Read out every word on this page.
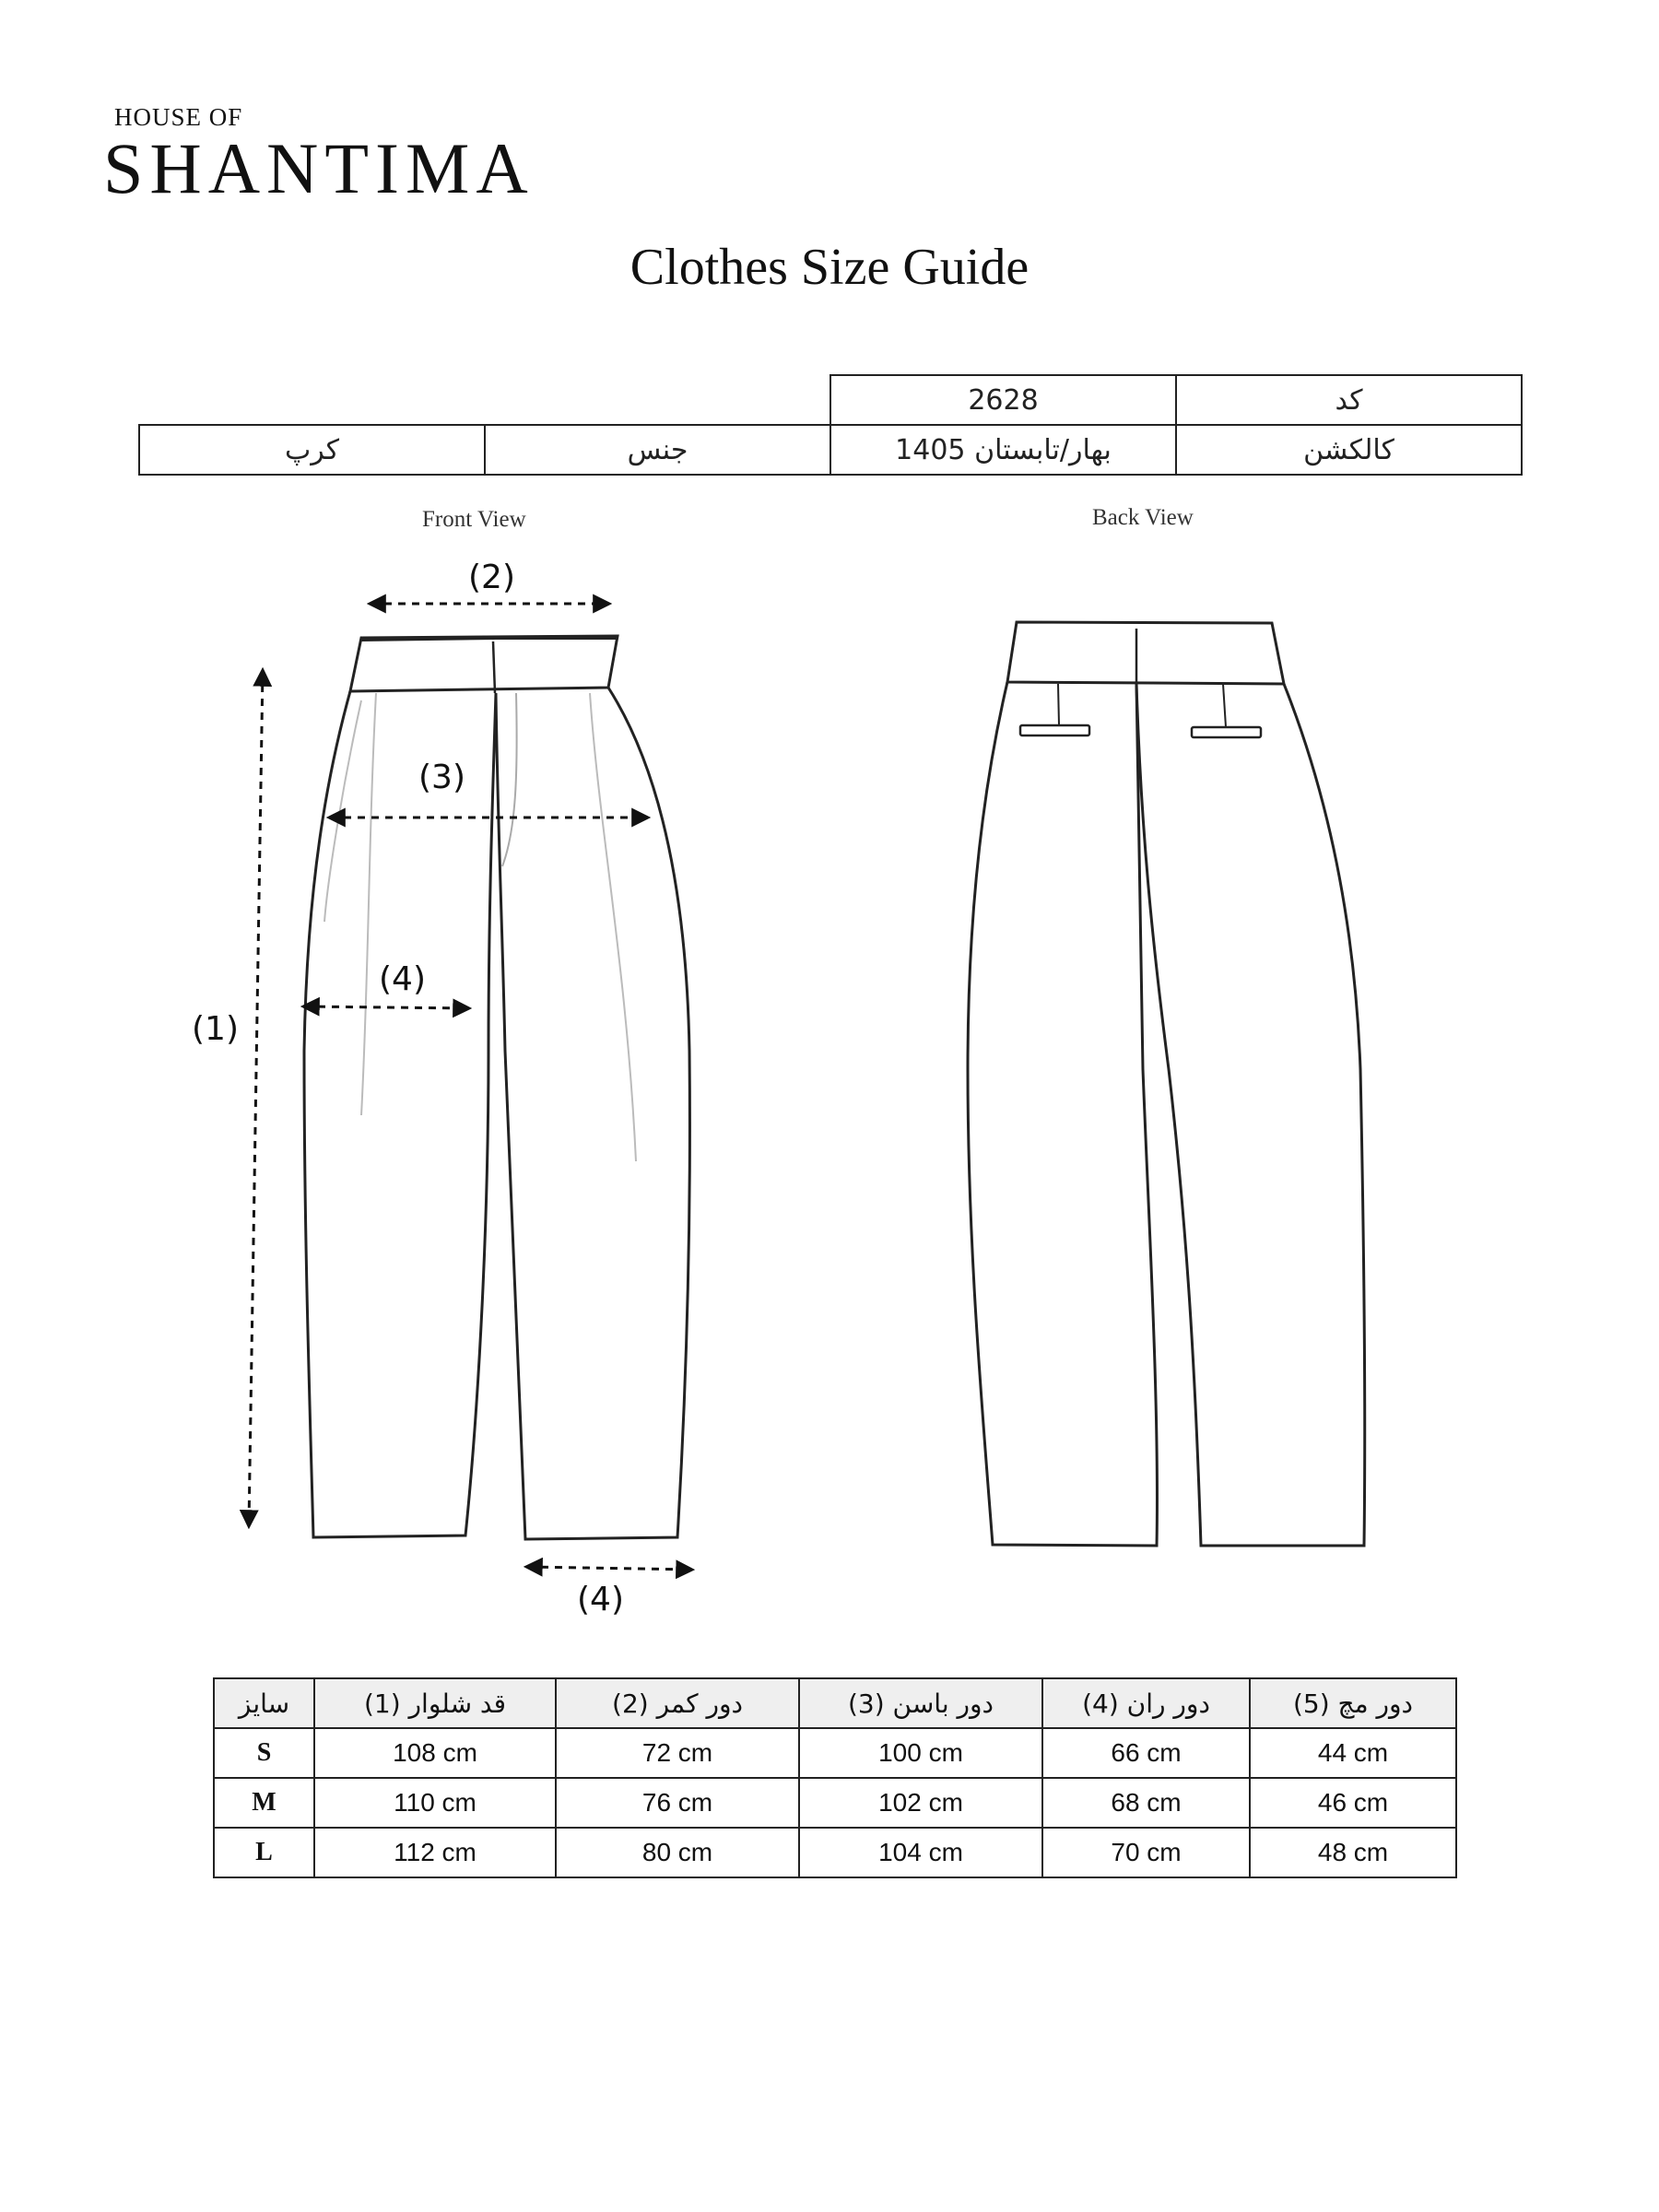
HOUSE OF
SHANTIMA
Clothes Size Guide
		2628	کد
کرپ	جنس	بهار/تابستان 1405	کالکشن
Front View	Back View
(1)
(2)
(3)
(4)
(4)
سایز	(1) قد شلوار	(2) دور کمر	(3) دور باسن	(4) دور ران	(5) دور مچ
S	108 cm	72 cm	100 cm	66 cm	44 cm
M	110 cm	76 cm	102 cm	68 cm	46 cm
L	112 cm	80 cm	104 cm	70 cm	48 cm
